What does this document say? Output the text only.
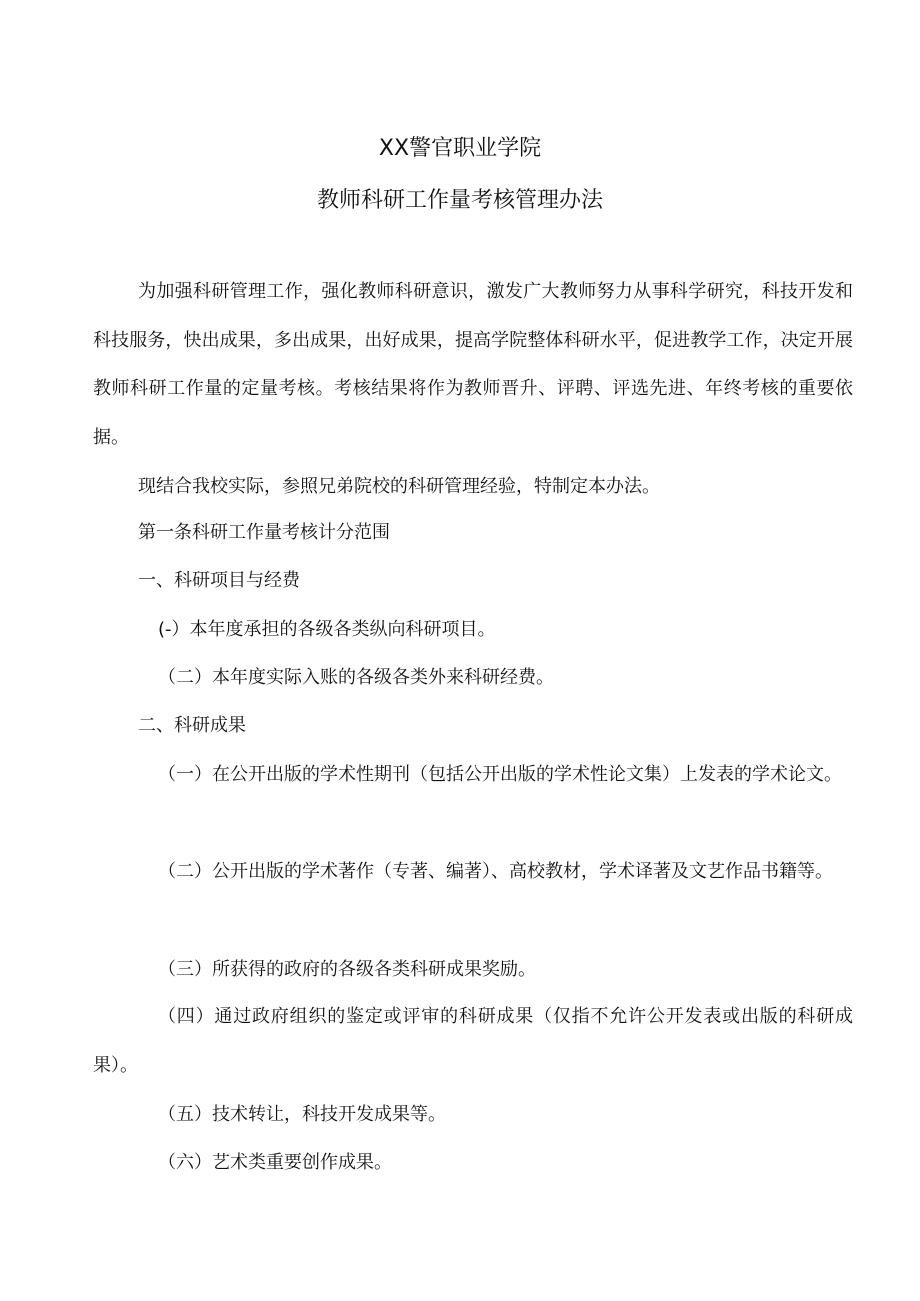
XX警官职业学院
教师科研工作量考核管理办法

为加强科研管理工作，强化教师科研意识，激发广大教师努力从事科学研究，科技开发和科技服务，快出成果，多出成果，出好成果，提高学院整体科研水平，促进教学工作，决定开展教师科研工作量的定量考核。考核结果将作为教师晋升、评聘、评选先进、年终考核的重要依据。

现结合我校实际，参照兄弟院校的科研管理经验，特制定本办法。

第一条科研工作量考核计分范围

一、科研项目与经费

(-）本年度承担的各级各类纵向科研项目。

（二）本年度实际入账的各级各类外来科研经费。

二、科研成果

（一）在公开出版的学术性期刊（包括公开出版的学术性论文集）上发表的学术论文。

（二）公开出版的学术著作（专著、编著）、高校教材，学术译著及文艺作品书籍等。

（三）所获得的政府的各级各类科研成果奖励。

（四）通过政府组织的鉴定或评审的科研成果（仅指不允许公开发表或出版的科研成果）。

（五）技术转让，科技开发成果等。

（六）艺术类重要创作成果。
